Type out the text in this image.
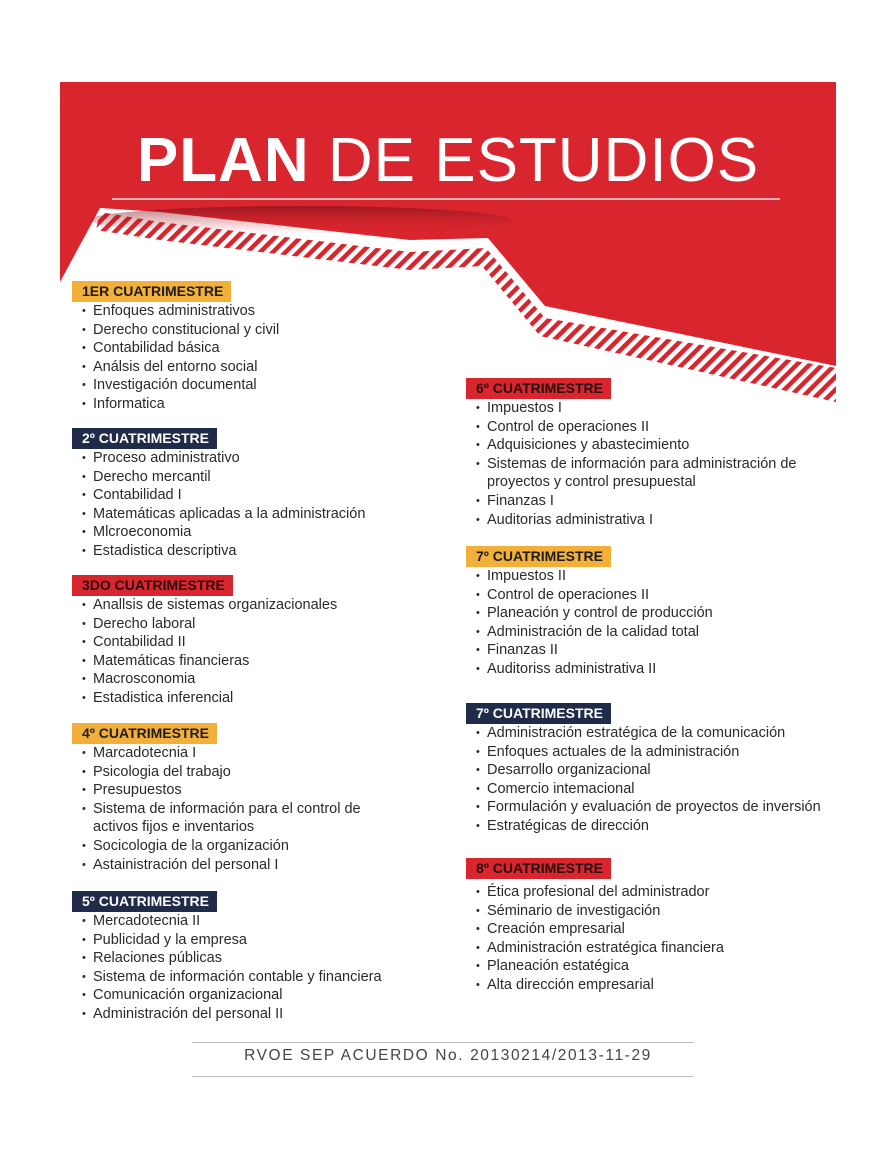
PLAN DE ESTUDIOS
1ER CUATRIMESTRE
• Enfoques administrativos
• Derecho constitucional y civil
• Contabilidad básica
• Análsis del entorno social
• Investigación documental
• Informatica
2º CUATRIMESTRE
• Proceso administrativo
• Derecho mercantil
• Contabilidad I
• Matemáticas aplicadas a la administración
• Mlcroeconomia
• Estadistica descriptiva
3DO CUATRIMESTRE
• Anallsis de sistemas organizacionales
• Derecho laboral
• Contabilidad II
• Matemáticas financieras
• Macrosconomia
• Estadistica inferencial
4º CUATRIMESTRE
• Marcadotecnia I
• Psicologia del trabajo
• Presupuestos
• Sistema de información para el control de activos fijos e inventarios
• Socicologia de la organización
• Astainistración del personal I
5º CUATRIMESTRE
• Mercadotecnia II
• Publicidad y la empresa
• Relaciones públicas
• Sistema de información contable y financiera
• Comunicación organizacional
• Administración del personal II
6º CUATRIMESTRE
• Impuestos I
• Control de operaciones II
• Adquisiciones y abastecimiento
• Sistemas de información para administración de proyectos y control presupuestal
• Finanzas I
• Auditorias administrativa I
7º CUATRIMESTRE
• Impuestos II
• Control de operaciones II
• Planeación y control de producción
• Administración de la calidad total
• Finanzas II
• Auditoriss administrativa II
7º CUATRIMESTRE
• Administración estratégica de la comunicación
• Enfoques actuales de la administración
• Desarrollo organizacional
• Comercio intemacional
• Formulación y evaluación de proyectos de inversión
• Estratégicas de dirección
8º CUATRIMESTRE
• Ética profesional del administrador
• Séminario de investigación
• Creación empresarial
• Administración estratégica financiera
• Planeación estatégica
• Alta dirección empresarial
RVOE SEP ACUERDO No. 20130214/2013-11-29
